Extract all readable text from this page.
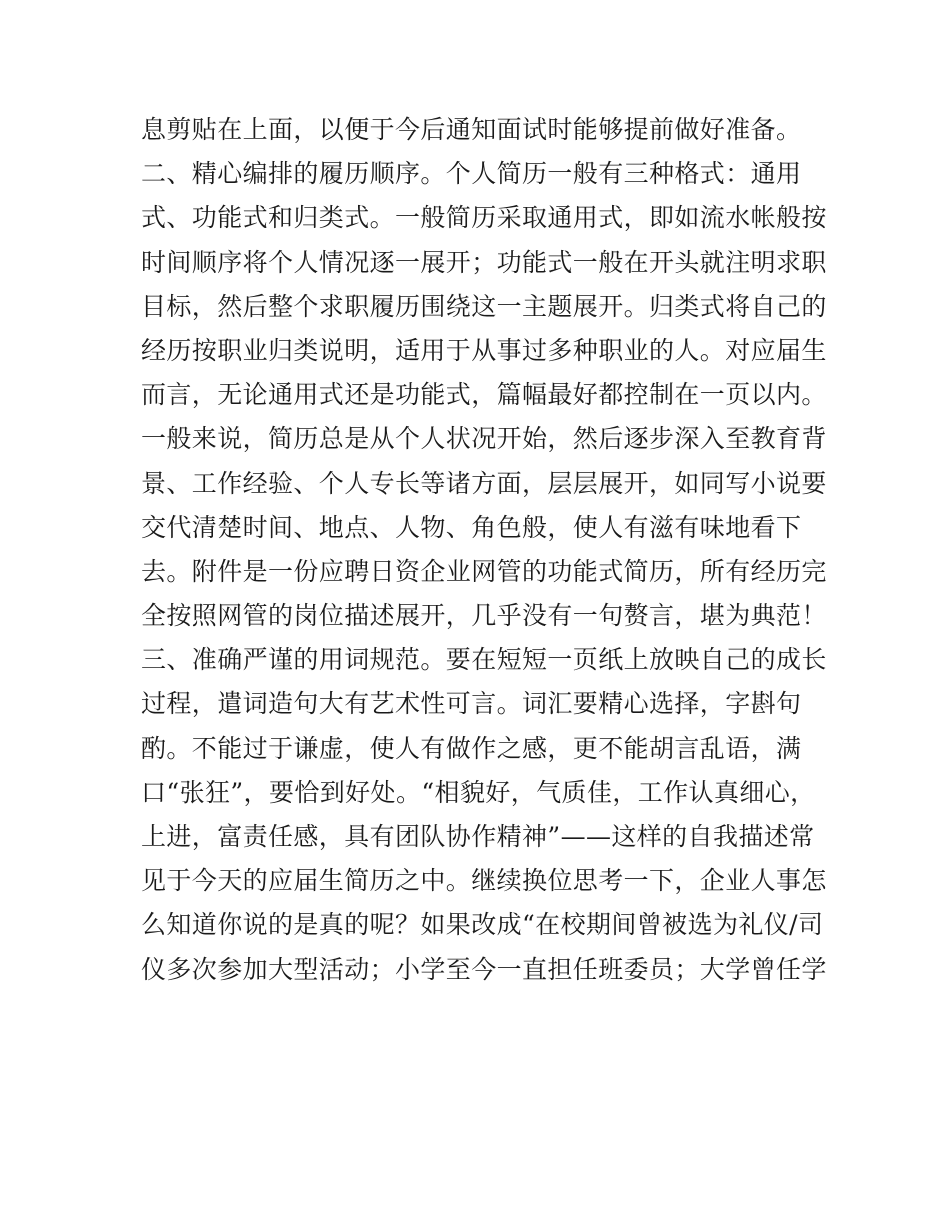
息剪贴在上面，以便于今后通知面试时能够提前做好准备。
二、精心编排的履历顺序。个人简历一般有三种格式：通用
式、功能式和归类式。一般简历采取通用式，即如流水帐般按
时间顺序将个人情况逐一展开；功能式一般在开头就注明求职
目标，然后整个求职履历围绕这一主题展开。归类式将自己的
经历按职业归类说明，适用于从事过多种职业的人。对应届生
而言，无论通用式还是功能式，篇幅最好都控制在一页以内。
一般来说，简历总是从个人状况开始，然后逐步深入至教育背
景、工作经验、个人专长等诸方面，层层展开，如同写小说要
交代清楚时间、地点、人物、角色般，使人有滋有味地看下
去。附件是一份应聘日资企业网管的功能式简历，所有经历完
全按照网管的岗位描述展开，几乎没有一句赘言，堪为典范！
三、准确严谨的用词规范。要在短短一页纸上放映自己的成长
过程，遣词造句大有艺术性可言。词汇要精心选择，字斟句
酌。不能过于谦虚，使人有做作之感，更不能胡言乱语，满
口“张狂”，要恰到好处。“相貌好，气质佳，工作认真细心，
上进，富责任感，具有团队协作精神”——这样的自我描述常
见于今天的应届生简历之中。继续换位思考一下，企业人事怎
么知道你说的是真的呢？如果改成“在校期间曾被选为礼仪/司
仪多次参加大型活动；小学至今一直担任班委员；大学曾任学
